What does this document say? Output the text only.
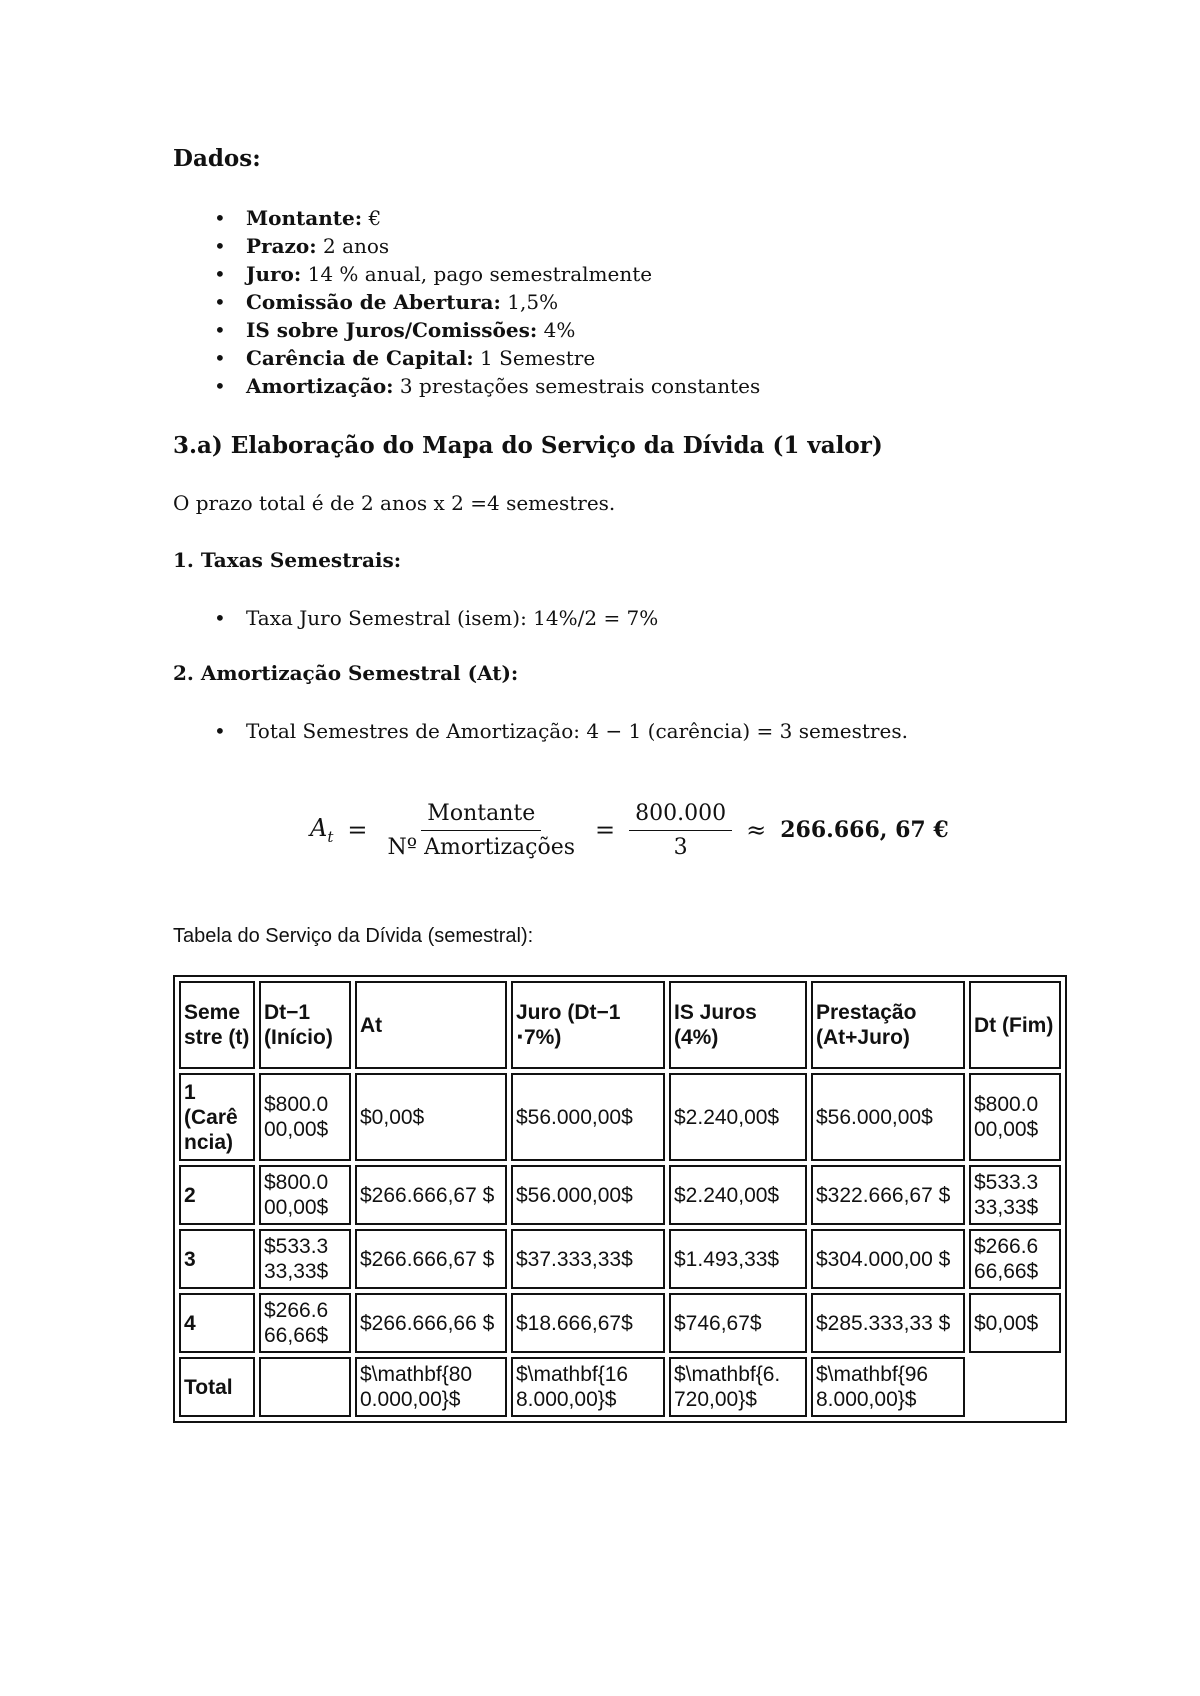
Dados:
• Montante: €
• Prazo: 2 anos
• Juro: 14 % anual, pago semestralmente
• Comissão de Abertura: 1,5%
• IS sobre Juros/Comissões: 4%
• Carência de Capital: 1 Semestre
• Amortização: 3 prestações semestrais constantes
3.a) Elaboração do Mapa do Serviço da Dívida (1 valor)

O prazo total é de 2 anos x 2 =4 semestres.

1. Taxas Semestrais:

• Taxa Juro Semestral (isem): 14%/2 = 7%

2. Amortização Semestral (At):

• Total Semestres de Amortização: 4 − 1 (carência) = 3 semestres.
$A_t = \frac{\text{Montante}}{\text{Nº Amortizações}} = \frac{800.000}{3} \approx 266.666$, 67 €

Tabela do Serviço da Dívida (semestral):

Seme stre (t)	Dt−1 (Início)	At	Juro (Dt−1 ⋅7%)	IS Juros (4%)	Prestação (At+Juro)	Dt (Fim)
1 (Carê ncia)	$800.0 00,00$	$0,00$	$56.000,00$	$2.240,00$	$56.000,00$	$800.0 00,00$
2	$800.0 00,00$	$266.666,67 $	$56.000,00$	$2.240,00$	$322.666,67 $	$533.3 33,33$
3	$533.3 33,33$	$266.666,67 $	$37.333,33$	$1.493,33$	$304.000,00 $	$266.6 66,66$
4	$266.6 66,66$	$266.666,66 $	$18.666,67$	$746,67$	$285.333,33 $	$0,00$
Total		$\mathbf{80 0.000,00}$	$\mathbf{16 8.000,00}$	$\mathbf{6. 720,00}$	$\mathbf{96 8.000,00}$	
